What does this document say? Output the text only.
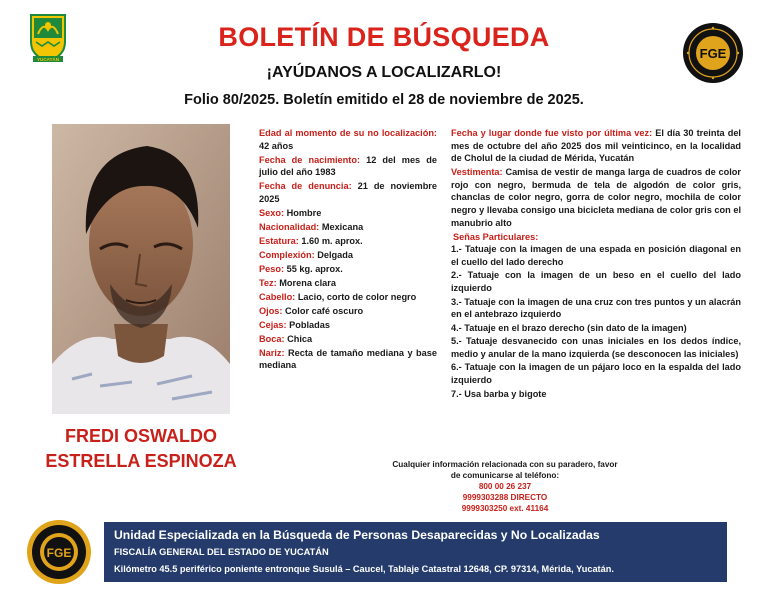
YUCATÁN	FGE
BOLETÍN DE BÚSQUEDA
¡AYÚDANOS A LOCALIZARLO!
Folio 80/2025. Boletín emitido el 28 de noviembre de 2025.
FREDI OSWALDO
ESTRELLA ESPINOZA

Edad al momento de su no localización: 42 años

Fecha de nacimiento: 12 del mes de julio del año 1983

Fecha de denuncia: 21 de noviembre 2025

Sexo: Hombre

Nacionalidad: Mexicana

Estatura: 1.60 m. aprox.

Complexión: Delgada

Peso: 55 kg. aprox.

Tez: Morena clara

Cabello: Lacio, corto de color negro

Ojos: Color café oscuro

Cejas: Pobladas

Boca: Chica

Nariz: Recta de tamaño mediana y base mediana

Fecha y lugar donde fue visto por última vez: El día 30 treinta del mes de octubre del año 2025 dos mil veinticinco, en la localidad de Cholul de la ciudad de Mérida, Yucatán

Vestimenta: Camisa de vestir de manga larga de cuadros de color rojo con negro, bermuda de tela de algodón de color gris, chanclas de color negro, gorra de color negro, mochila de color negro y llevaba consigo una bicicleta mediana de color gris con el manubrio alto

Señas Particulares:

1.- Tatuaje con la imagen de una espada en posición diagonal en el cuello del lado derecho

2.- Tatuaje con la imagen de un beso en el cuello del lado izquierdo

3.- Tatuaje con la imagen de una cruz con tres puntos y un alacrán en el antebrazo izquierdo

4.- Tatuaje en el brazo derecho (sin dato de la imagen)

5.- Tatuaje desvanecido con unas iniciales en los dedos índice, medio y anular de la mano izquierda (se desconocen las iniciales)

6.- Tatuaje con la imagen de un pájaro loco en la espalda del lado izquierdo

7.- Usa barba y bigote

Cualquier información relacionada con su paradero, favor de comunicarse al teléfono:
800 00 26 237
9999303288 DIRECTO
9999303250 ext. 41164
FGE
Unidad Especializada en la Búsqueda de Personas Desaparecidas y No Localizadas
FISCALÍA GENERAL DEL ESTADO DE YUCATÁN
Kilómetro 45.5 periférico poniente entronque Susulá – Caucel, Tablaje Catastral 12648, CP. 97314, Mérida, Yucatán.
